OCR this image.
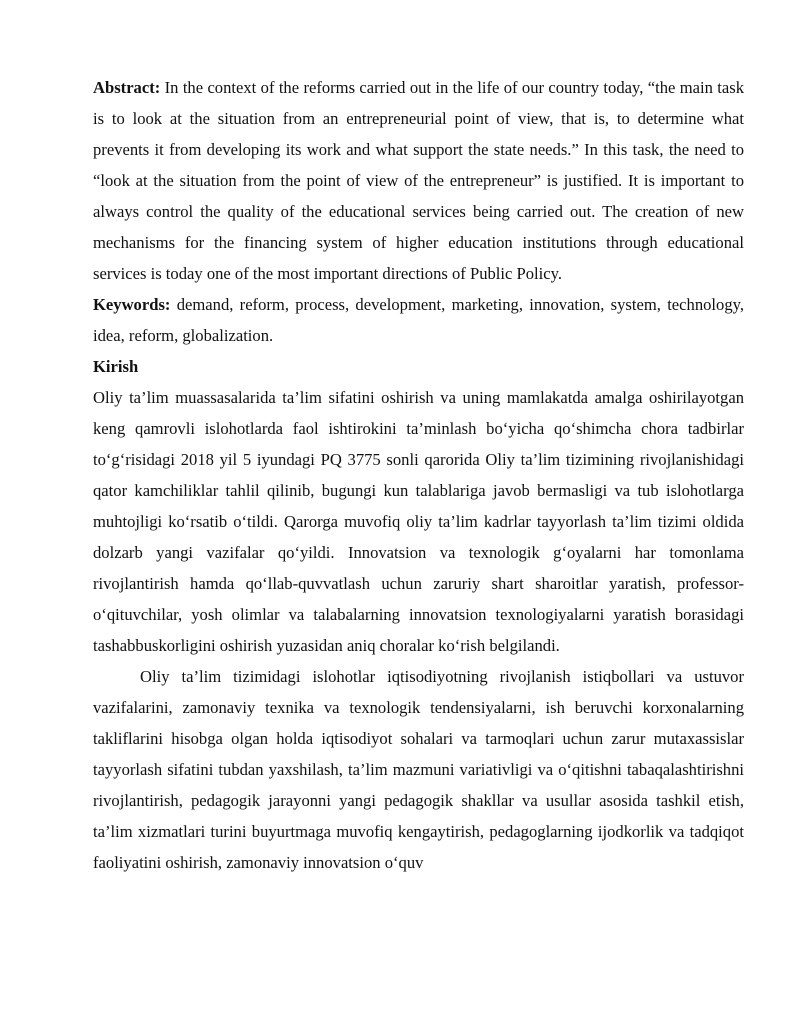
Abstract: In the context of the reforms carried out in the life of our country today, “the main task is to look at the situation from an entrepreneurial point of view, that is, to determine what prevents it from developing its work and what support the state needs.” In this task, the need to “look at the situation from the point of view of the entrepreneur” is justified. It is important to always control the quality of the educational services being carried out. The creation of new mechanisms for the financing system of higher education institutions through educational services is today one of the most important directions of Public Policy.

Keywords: demand, reform, process, development, marketing, innovation, system, technology, idea, reform, globalization.

Kirish

Oliy ta’lim muassasalarida ta’lim sifatini oshirish va uning mamlakatda amalga oshirilayotgan keng qamrovli islohotlarda faol ishtirokini ta’minlash bo‘yicha qo‘shimcha chora tadbirlar to‘g‘risidagi 2018 yil 5 iyundagi PQ 3775 sonli qarorida Oliy ta’lim tizimining rivojlanishidagi qator kamchiliklar tahlil qilinib, bugungi kun talablariga javob bermasligi va tub islohotlarga muhtojligi ko‘rsatib o‘tildi. Qarorga muvofiq oliy ta’lim kadrlar tayyorlash ta’lim tizimi oldida dolzarb yangi vazifalar qo‘yildi. Innovatsion va texnologik g‘oyalarni har tomonlama rivojlantirish hamda qo‘llab-quvvatlash uchun zaruriy shart sharoitlar yaratish, professor- o‘qituvchilar, yosh olimlar va talabalarning innovatsion texnologiyalarni yaratish borasidagi tashabbuskorligini oshirish yuzasidan aniq choralar ko‘rish belgilandi.

Oliy ta’lim tizimidagi islohotlar iqtisodiyotning rivojlanish istiqbollari va ustuvor vazifalarini, zamonaviy texnika va texnologik tendensiyalarni, ish beruvchi korxonalarning takliflarini hisobga olgan holda iqtisodiyot sohalari va tarmoqlari uchun zarur mutaxassislar tayyorlash sifatini tubdan yaxshilash, ta’lim mazmuni variativligi va o‘qitishni tabaqalashtirishni rivojlantirish, pedagogik jarayonni yangi pedagogik shakllar va usullar asosida tashkil etish, ta’lim xizmatlari turini buyurtmaga muvofiq kengaytirish, pedagoglarning ijodkorlik va tadqiqot faoliyatini oshirish, zamonaviy innovatsion o‘quv
